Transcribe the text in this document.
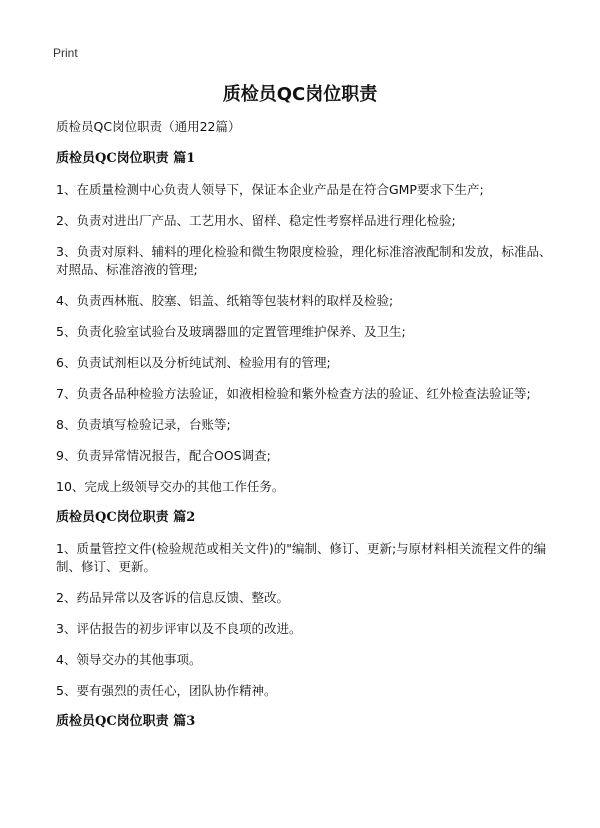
Print
质检员QC岗位职责

质检员QC岗位职责（通用22篇）

质检员QC岗位职责 篇1

1、在质量检测中心负责人领导下，保证本企业产品是在符合GMP要求下生产;

2、负责对进出厂产品、工艺用水、留样、稳定性考察样品进行理化检验;

3、负责对原料、辅料的理化检验和微生物限度检验，理化标准溶液配制和发放，标准品、对照品、标准溶液的管理;

4、负责西林瓶、胶塞、铝盖、纸箱等包装材料的取样及检验;

5、负责化验室试验台及玻璃器皿的定置管理维护保养、及卫生;

6、负责试剂柜以及分析纯试剂、检验用有的管理;

7、负责各品种检验方法验证，如液相检验和紫外检查方法的验证、红外检查法验证等;

8、负责填写检验记录，台账等;

9、负责异常情况报告，配合OOS调查;

10、完成上级领导交办的其他工作任务。

质检员QC岗位职责 篇2

1、质量管控文件(检验规范或相关文件)的"编制、修订、更新;与原材料相关流程文件的编制、修订、更新。

2、药品异常以及客诉的信息反馈、整改。

3、评估报告的初步评审以及不良项的改进。

4、领导交办的其他事项。

5、要有强烈的责任心，团队协作精神。

质检员QC岗位职责 篇3
